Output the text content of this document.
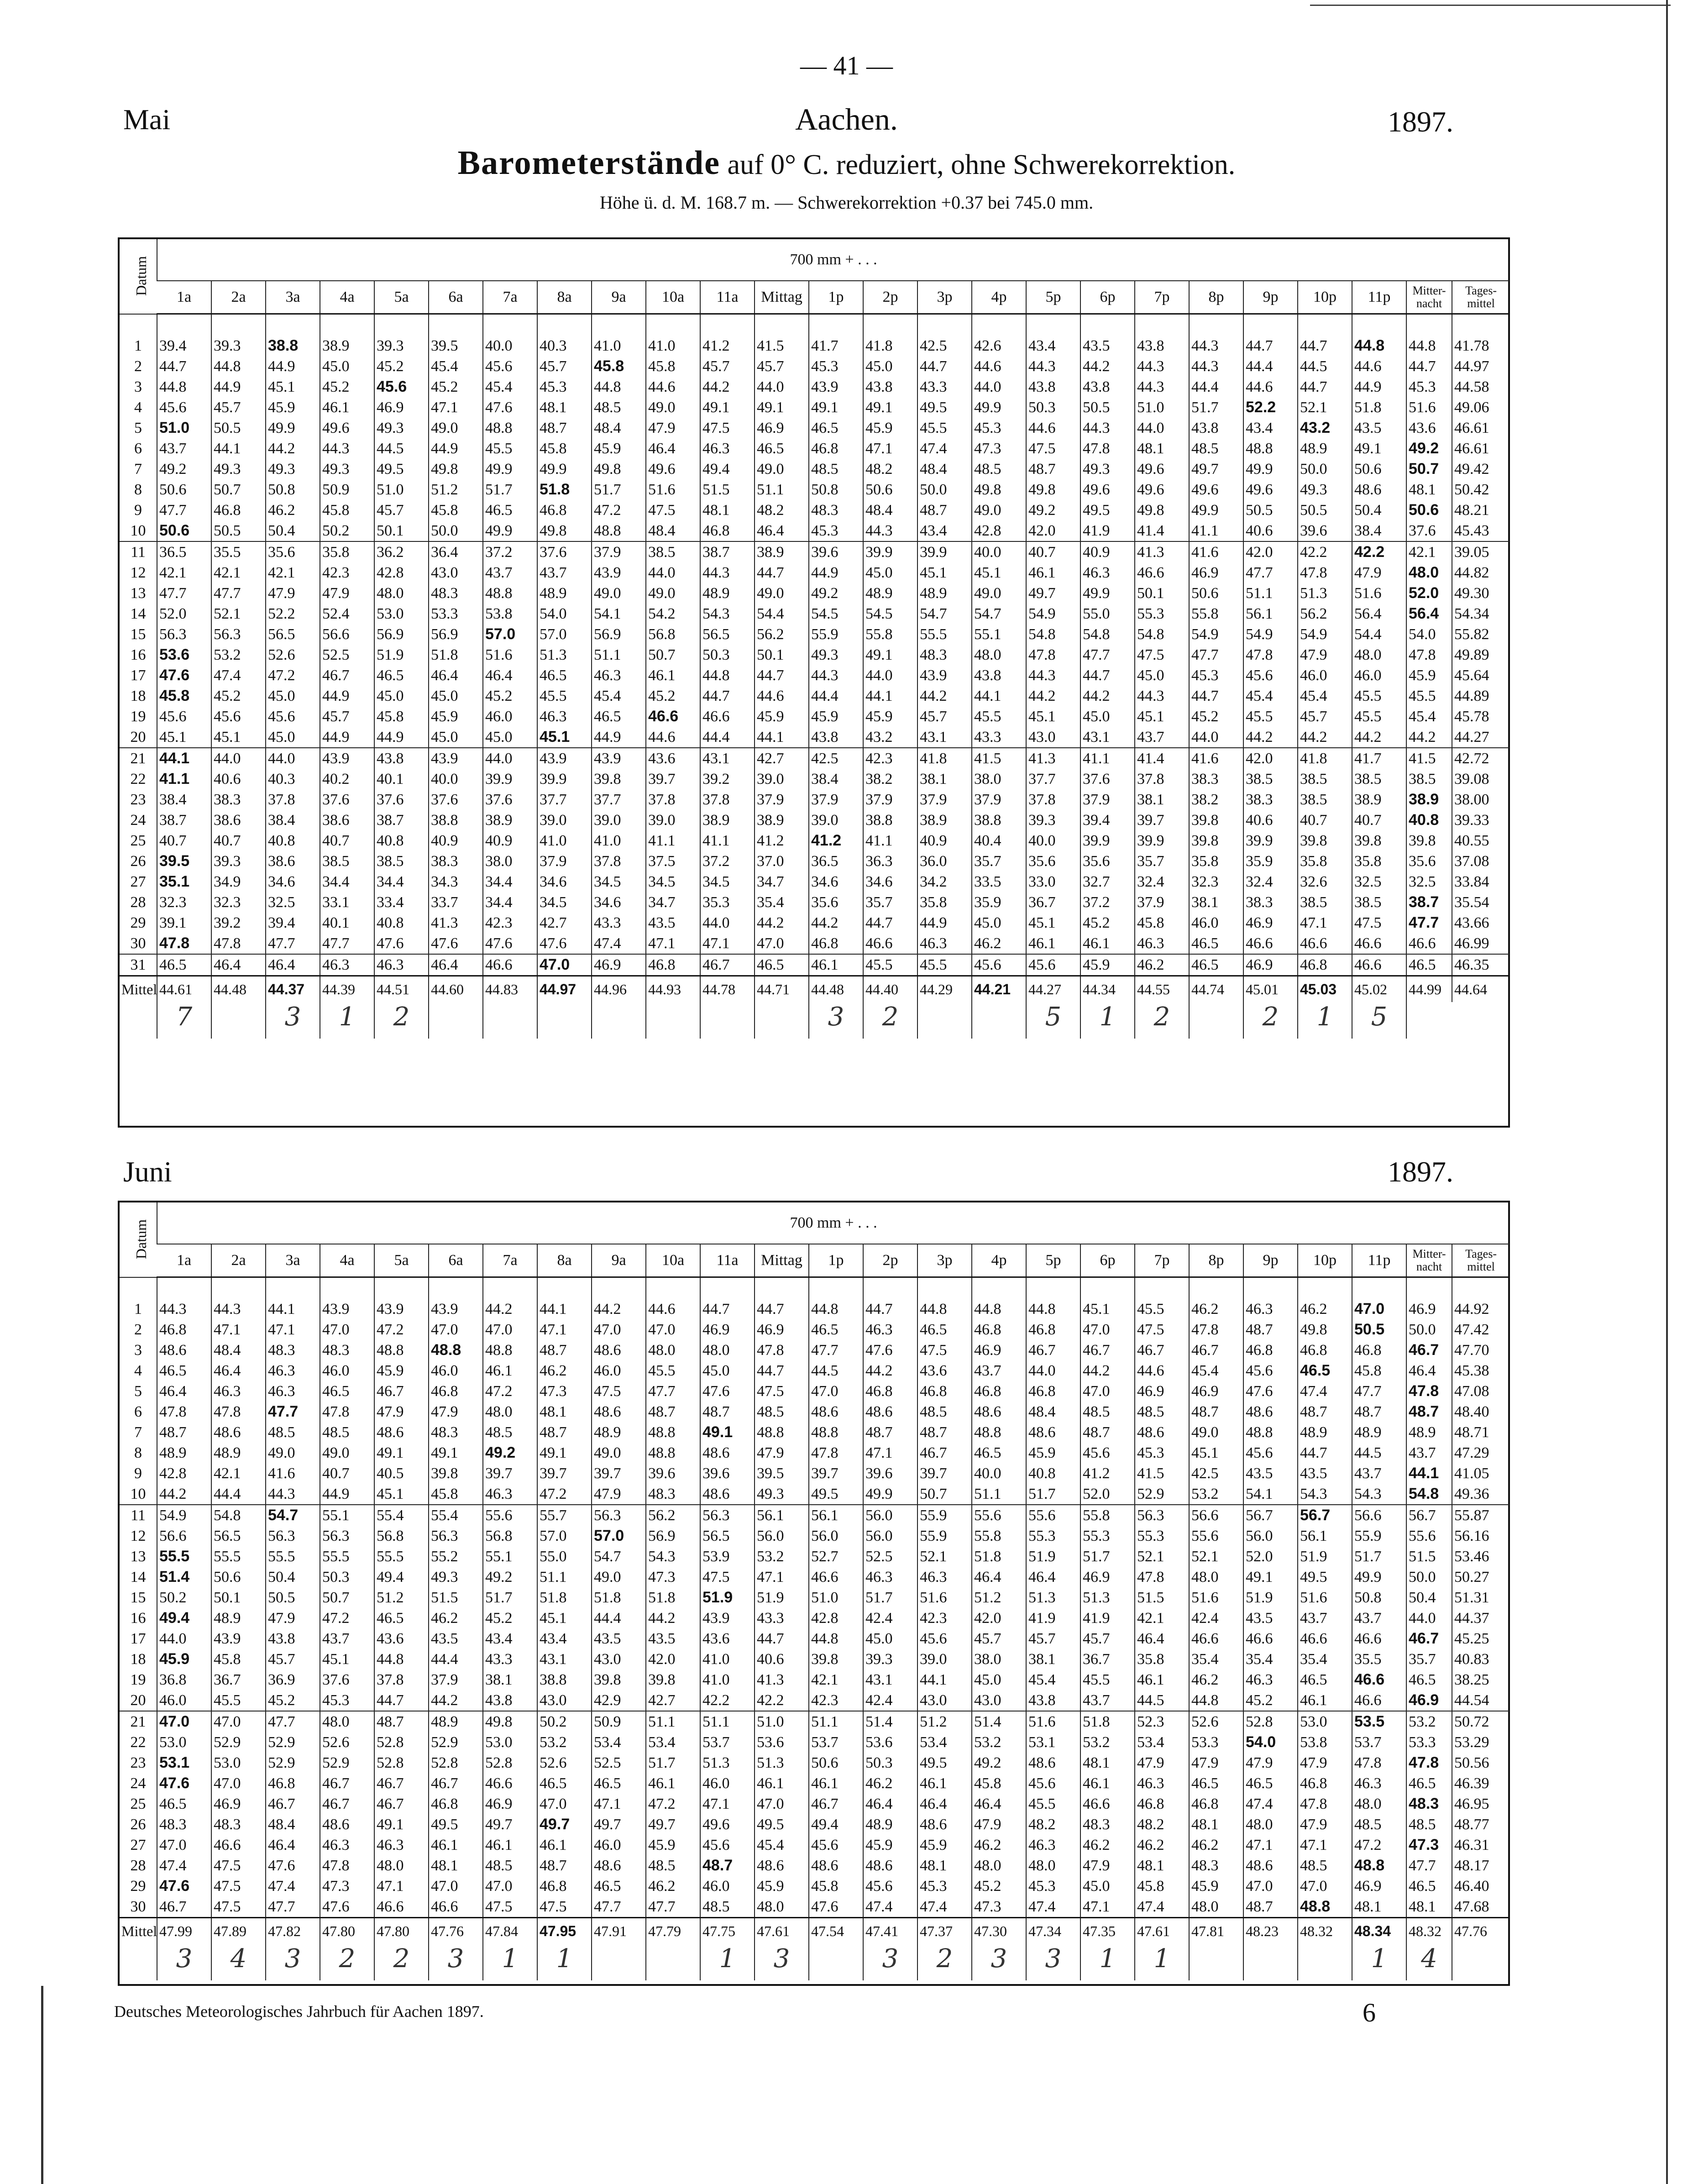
— 41 —
Mai	Aachen.	1897.
Barometerstände auf 0° C. reduziert, ohne Schwerekorrektion.
Höhe ü. d. M. 168.7 m. — Schwerekorrektion +0.37 bei 745.0 mm.
Datum	700 mm + . . .																								
	1a	2a	3a	4a	5a	6a	7a	8a	9a	10a	11a	Mittag	1p	2p	3p	4p	5p	6p	7p	8p	9p	10p	11p	Mitter-
nacht	Tages-
mittel

1	39.4	39.3	38.8	38.9	39.3	39.5	40.0	40.3	41.0	41.0	41.2	41.5	41.7	41.8	42.5	42.6	43.4	43.5	43.8	44.3	44.7	44.7	44.8	44.8	41.78
2	44.7	44.8	44.9	45.0	45.2	45.4	45.6	45.7	45.8	45.8	45.7	45.7	45.3	45.0	44.7	44.6	44.3	44.2	44.3	44.3	44.4	44.5	44.6	44.7	44.97
3	44.8	44.9	45.1	45.2	45.6	45.2	45.4	45.3	44.8	44.6	44.2	44.0	43.9	43.8	43.3	44.0	43.8	43.8	44.3	44.4	44.6	44.7	44.9	45.3	44.58
4	45.6	45.7	45.9	46.1	46.9	47.1	47.6	48.1	48.5	49.0	49.1	49.1	49.1	49.1	49.5	49.9	50.3	50.5	51.0	51.7	52.2	52.1	51.8	51.6	49.06
5	51.0	50.5	49.9	49.6	49.3	49.0	48.8	48.7	48.4	47.9	47.5	46.9	46.5	45.9	45.5	45.3	44.6	44.3	44.0	43.8	43.4	43.2	43.5	43.6	46.61
6	43.7	44.1	44.2	44.3	44.5	44.9	45.5	45.8	45.9	46.4	46.3	46.5	46.8	47.1	47.4	47.3	47.5	47.8	48.1	48.5	48.8	48.9	49.1	49.2	46.61
7	49.2	49.3	49.3	49.3	49.5	49.8	49.9	49.9	49.8	49.6	49.4	49.0	48.5	48.2	48.4	48.5	48.7	49.3	49.6	49.7	49.9	50.0	50.6	50.7	49.42
8	50.6	50.7	50.8	50.9	51.0	51.2	51.7	51.8	51.7	51.6	51.5	51.1	50.8	50.6	50.0	49.8	49.8	49.6	49.6	49.6	49.6	49.3	48.6	48.1	50.42
9	47.7	46.8	46.2	45.8	45.7	45.8	46.5	46.8	47.2	47.5	48.1	48.2	48.3	48.4	48.7	49.0	49.2	49.5	49.8	49.9	50.5	50.5	50.4	50.6	48.21
10	50.6	50.5	50.4	50.2	50.1	50.0	49.9	49.8	48.8	48.4	46.8	46.4	45.3	44.3	43.4	42.8	42.0	41.9	41.4	41.1	40.6	39.6	38.4	37.6	45.43
11	36.5	35.5	35.6	35.8	36.2	36.4	37.2	37.6	37.9	38.5	38.7	38.9	39.6	39.9	39.9	40.0	40.7	40.9	41.3	41.6	42.0	42.2	42.2	42.1	39.05
12	42.1	42.1	42.1	42.3	42.8	43.0	43.7	43.7	43.9	44.0	44.3	44.7	44.9	45.0	45.1	45.1	46.1	46.3	46.6	46.9	47.7	47.8	47.9	48.0	44.82
13	47.7	47.7	47.9	47.9	48.0	48.3	48.8	48.9	49.0	49.0	48.9	49.0	49.2	48.9	48.9	49.0	49.7	49.9	50.1	50.6	51.1	51.3	51.6	52.0	49.30
14	52.0	52.1	52.2	52.4	53.0	53.3	53.8	54.0	54.1	54.2	54.3	54.4	54.5	54.5	54.7	54.7	54.9	55.0	55.3	55.8	56.1	56.2	56.4	56.4	54.34
15	56.3	56.3	56.5	56.6	56.9	56.9	57.0	57.0	56.9	56.8	56.5	56.2	55.9	55.8	55.5	55.1	54.8	54.8	54.8	54.9	54.9	54.9	54.4	54.0	55.82
16	53.6	53.2	52.6	52.5	51.9	51.8	51.6	51.3	51.1	50.7	50.3	50.1	49.3	49.1	48.3	48.0	47.8	47.7	47.5	47.7	47.8	47.9	48.0	47.8	49.89
17	47.6	47.4	47.2	46.7	46.5	46.4	46.4	46.5	46.3	46.1	44.8	44.7	44.3	44.0	43.9	43.8	44.3	44.7	45.0	45.3	45.6	46.0	46.0	45.9	45.64
18	45.8	45.2	45.0	44.9	45.0	45.0	45.2	45.5	45.4	45.2	44.7	44.6	44.4	44.1	44.2	44.1	44.2	44.2	44.3	44.7	45.4	45.4	45.5	45.5	44.89
19	45.6	45.6	45.6	45.7	45.8	45.9	46.0	46.3	46.5	46.6	46.6	45.9	45.9	45.9	45.7	45.5	45.1	45.0	45.1	45.2	45.5	45.7	45.5	45.4	45.78
20	45.1	45.1	45.0	44.9	44.9	45.0	45.0	45.1	44.9	44.6	44.4	44.1	43.8	43.2	43.1	43.3	43.0	43.1	43.7	44.0	44.2	44.2	44.2	44.2	44.27
21	44.1	44.0	44.0	43.9	43.8	43.9	44.0	43.9	43.9	43.6	43.1	42.7	42.5	42.3	41.8	41.5	41.3	41.1	41.4	41.6	42.0	41.8	41.7	41.5	42.72
22	41.1	40.6	40.3	40.2	40.1	40.0	39.9	39.9	39.8	39.7	39.2	39.0	38.4	38.2	38.1	38.0	37.7	37.6	37.8	38.3	38.5	38.5	38.5	38.5	39.08
23	38.4	38.3	37.8	37.6	37.6	37.6	37.6	37.7	37.7	37.8	37.8	37.9	37.9	37.9	37.9	37.9	37.8	37.9	38.1	38.2	38.3	38.5	38.9	38.9	38.00
24	38.7	38.6	38.4	38.6	38.7	38.8	38.9	39.0	39.0	39.0	38.9	38.9	39.0	38.8	38.9	38.8	39.3	39.4	39.7	39.8	40.6	40.7	40.7	40.8	39.33
25	40.7	40.7	40.8	40.7	40.8	40.9	40.9	41.0	41.0	41.1	41.1	41.2	41.2	41.1	40.9	40.4	40.0	39.9	39.9	39.8	39.9	39.8	39.8	39.8	40.55
26	39.5	39.3	38.6	38.5	38.5	38.3	38.0	37.9	37.8	37.5	37.2	37.0	36.5	36.3	36.0	35.7	35.6	35.6	35.7	35.8	35.9	35.8	35.8	35.6	37.08
27	35.1	34.9	34.6	34.4	34.4	34.3	34.4	34.6	34.5	34.5	34.5	34.7	34.6	34.6	34.2	33.5	33.0	32.7	32.4	32.3	32.4	32.6	32.5	32.5	33.84
28	32.3	32.3	32.5	33.1	33.4	33.7	34.4	34.5	34.6	34.7	35.3	35.4	35.6	35.7	35.8	35.9	36.7	37.2	37.9	38.1	38.3	38.5	38.5	38.7	35.54
29	39.1	39.2	39.4	40.1	40.8	41.3	42.3	42.7	43.3	43.5	44.0	44.2	44.2	44.7	44.9	45.0	45.1	45.2	45.8	46.0	46.9	47.1	47.5	47.7	43.66
30	47.8	47.8	47.7	47.7	47.6	47.6	47.6	47.6	47.4	47.1	47.1	47.0	46.8	46.6	46.3	46.2	46.1	46.1	46.3	46.5	46.6	46.6	46.6	46.6	46.99
31	46.5	46.4	46.4	46.3	46.3	46.4	46.6	47.0	46.9	46.8	46.7	46.5	46.1	45.5	45.5	45.6	45.6	45.9	46.2	46.5	46.9	46.8	46.6	46.5	46.35
Mittel	44.61	44.48	44.37	44.39	44.51	44.60	44.83	44.97	44.96	44.93	44.78	44.71	44.48	44.40	44.29	44.21	44.27	44.34	44.55	44.74	45.01	45.03	45.02	44.99	44.64
	7		3	1	2								3	2			5	1	2		2	1	5		
Juni	1897.
Datum	700 mm + . . .																								
	1a	2a	3a	4a	5a	6a	7a	8a	9a	10a	11a	Mittag	1p	2p	3p	4p	5p	6p	7p	8p	9p	10p	11p	Mitter-
nacht	Tages-
mittel

1	44.3	44.3	44.1	43.9	43.9	43.9	44.2	44.1	44.2	44.6	44.7	44.7	44.8	44.7	44.8	44.8	44.8	45.1	45.5	46.2	46.3	46.2	47.0	46.9	44.92
2	46.8	47.1	47.1	47.0	47.2	47.0	47.0	47.1	47.0	47.0	46.9	46.9	46.5	46.3	46.5	46.8	46.8	47.0	47.5	47.8	48.7	49.8	50.5	50.0	47.42
3	48.6	48.4	48.3	48.3	48.8	48.8	48.8	48.7	48.6	48.0	48.0	47.8	47.7	47.6	47.5	46.9	46.7	46.7	46.7	46.7	46.8	46.8	46.8	46.7	47.70
4	46.5	46.4	46.3	46.0	45.9	46.0	46.1	46.2	46.0	45.5	45.0	44.7	44.5	44.2	43.6	43.7	44.0	44.2	44.6	45.4	45.6	46.5	45.8	46.4	45.38
5	46.4	46.3	46.3	46.5	46.7	46.8	47.2	47.3	47.5	47.7	47.6	47.5	47.0	46.8	46.8	46.8	46.8	47.0	46.9	46.9	47.6	47.4	47.7	47.8	47.08
6	47.8	47.8	47.7	47.8	47.9	47.9	48.0	48.1	48.6	48.7	48.7	48.5	48.6	48.6	48.5	48.6	48.4	48.5	48.5	48.7	48.6	48.7	48.7	48.7	48.40
7	48.7	48.6	48.5	48.5	48.6	48.3	48.5	48.7	48.9	48.8	49.1	48.8	48.8	48.7	48.7	48.8	48.6	48.7	48.6	49.0	48.8	48.9	48.9	48.9	48.71
8	48.9	48.9	49.0	49.0	49.1	49.1	49.2	49.1	49.0	48.8	48.6	47.9	47.8	47.1	46.7	46.5	45.9	45.6	45.3	45.1	45.6	44.7	44.5	43.7	47.29
9	42.8	42.1	41.6	40.7	40.5	39.8	39.7	39.7	39.7	39.6	39.6	39.5	39.7	39.6	39.7	40.0	40.8	41.2	41.5	42.5	43.5	43.5	43.7	44.1	41.05
10	44.2	44.4	44.3	44.9	45.1	45.8	46.3	47.2	47.9	48.3	48.6	49.3	49.5	49.9	50.7	51.1	51.7	52.0	52.9	53.2	54.1	54.3	54.3	54.8	49.36
11	54.9	54.8	54.7	55.1	55.4	55.4	55.6	55.7	56.3	56.2	56.3	56.1	56.1	56.0	55.9	55.6	55.6	55.8	56.3	56.6	56.7	56.7	56.6	56.7	55.87
12	56.6	56.5	56.3	56.3	56.8	56.3	56.8	57.0	57.0	56.9	56.5	56.0	56.0	56.0	55.9	55.8	55.3	55.3	55.3	55.6	56.0	56.1	55.9	55.6	56.16
13	55.5	55.5	55.5	55.5	55.5	55.2	55.1	55.0	54.7	54.3	53.9	53.2	52.7	52.5	52.1	51.8	51.9	51.7	52.1	52.1	52.0	51.9	51.7	51.5	53.46
14	51.4	50.6	50.4	50.3	49.4	49.3	49.2	51.1	49.0	47.3	47.5	47.1	46.6	46.3	46.3	46.4	46.4	46.9	47.8	48.0	49.1	49.5	49.9	50.0	50.27
15	50.2	50.1	50.5	50.7	51.2	51.5	51.7	51.8	51.8	51.8	51.9	51.9	51.0	51.7	51.6	51.2	51.3	51.3	51.5	51.6	51.9	51.6	50.8	50.4	51.31
16	49.4	48.9	47.9	47.2	46.5	46.2	45.2	45.1	44.4	44.2	43.9	43.3	42.8	42.4	42.3	42.0	41.9	41.9	42.1	42.4	43.5	43.7	43.7	44.0	44.37
17	44.0	43.9	43.8	43.7	43.6	43.5	43.4	43.4	43.5	43.5	43.6	44.7	44.8	45.0	45.6	45.7	45.7	45.7	46.4	46.6	46.6	46.6	46.6	46.7	45.25
18	45.9	45.8	45.7	45.1	44.8	44.4	43.3	43.1	43.0	42.0	41.0	40.6	39.8	39.3	39.0	38.0	38.1	36.7	35.8	35.4	35.4	35.4	35.5	35.7	40.83
19	36.8	36.7	36.9	37.6	37.8	37.9	38.1	38.8	39.8	39.8	41.0	41.3	42.1	43.1	44.1	45.0	45.4	45.5	46.1	46.2	46.3	46.5	46.6	46.5	38.25
20	46.0	45.5	45.2	45.3	44.7	44.2	43.8	43.0	42.9	42.7	42.2	42.2	42.3	42.4	43.0	43.0	43.8	43.7	44.5	44.8	45.2	46.1	46.6	46.9	44.54
21	47.0	47.0	47.7	48.0	48.7	48.9	49.8	50.2	50.9	51.1	51.1	51.0	51.1	51.4	51.2	51.4	51.6	51.8	52.3	52.6	52.8	53.0	53.5	53.2	50.72
22	53.0	52.9	52.9	52.6	52.8	52.9	53.0	53.2	53.4	53.4	53.7	53.6	53.7	53.6	53.4	53.2	53.1	53.2	53.4	53.3	54.0	53.8	53.7	53.3	53.29
23	53.1	53.0	52.9	52.9	52.8	52.8	52.8	52.6	52.5	51.7	51.3	51.3	50.6	50.3	49.5	49.2	48.6	48.1	47.9	47.9	47.9	47.9	47.8	47.8	50.56
24	47.6	47.0	46.8	46.7	46.7	46.7	46.6	46.5	46.5	46.1	46.0	46.1	46.1	46.2	46.1	45.8	45.6	46.1	46.3	46.5	46.5	46.8	46.3	46.5	46.39
25	46.5	46.9	46.7	46.7	46.7	46.8	46.9	47.0	47.1	47.2	47.1	47.0	46.7	46.4	46.4	46.4	45.5	46.6	46.8	46.8	47.4	47.8	48.0	48.3	46.95
26	48.3	48.3	48.4	48.6	49.1	49.5	49.7	49.7	49.7	49.7	49.6	49.5	49.4	48.9	48.6	47.9	48.2	48.3	48.2	48.1	48.0	47.9	48.5	48.5	48.77
27	47.0	46.6	46.4	46.3	46.3	46.1	46.1	46.1	46.0	45.9	45.6	45.4	45.6	45.9	45.9	46.2	46.3	46.2	46.2	46.2	47.1	47.1	47.2	47.3	46.31
28	47.4	47.5	47.6	47.8	48.0	48.1	48.5	48.7	48.6	48.5	48.7	48.6	48.6	48.6	48.1	48.0	48.0	47.9	48.1	48.3	48.6	48.5	48.8	47.7	48.17
29	47.6	47.5	47.4	47.3	47.1	47.0	47.0	46.8	46.5	46.2	46.0	45.9	45.8	45.6	45.3	45.2	45.3	45.0	45.8	45.9	47.0	47.0	46.9	46.5	46.40
30	46.7	47.5	47.7	47.6	46.6	46.6	47.5	47.5	47.7	47.7	48.5	48.0	47.6	47.4	47.4	47.3	47.4	47.1	47.4	48.0	48.7	48.8	48.1	48.1	47.68
Mittel	47.99	47.89	47.82	47.80	47.80	47.76	47.84	47.95	47.91	47.79	47.75	47.61	47.54	47.41	47.37	47.30	47.34	47.35	47.61	47.81	48.23	48.32	48.34	48.32	47.76
	3	4	3	2	2	3	1	1			1	3		3	2	3	3	1	1				1	4	
Deutsches Meteorologisches Jahrbuch für Aachen 1897.	6
